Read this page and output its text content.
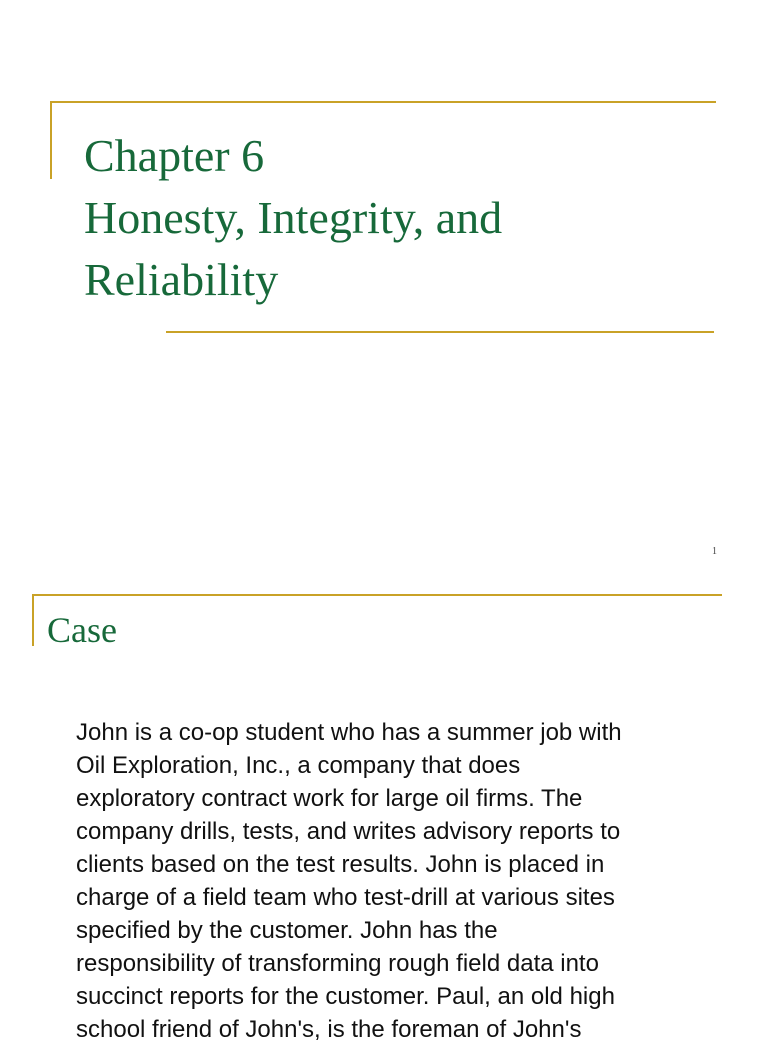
Chapter 6
Honesty, Integrity, and
Reliability
1
Case
John is a co-op student who has a summer job with
Oil Exploration, Inc., a company that does
exploratory contract work for large oil firms. The
company drills, tests, and writes advisory reports to
clients based on the test results. John is placed in
charge of a field team who test-drill at various sites
specified by the customer. John has the
responsibility of transforming rough field data into
succinct reports for the customer. Paul, an old high
school friend of John's, is the foreman of John's
